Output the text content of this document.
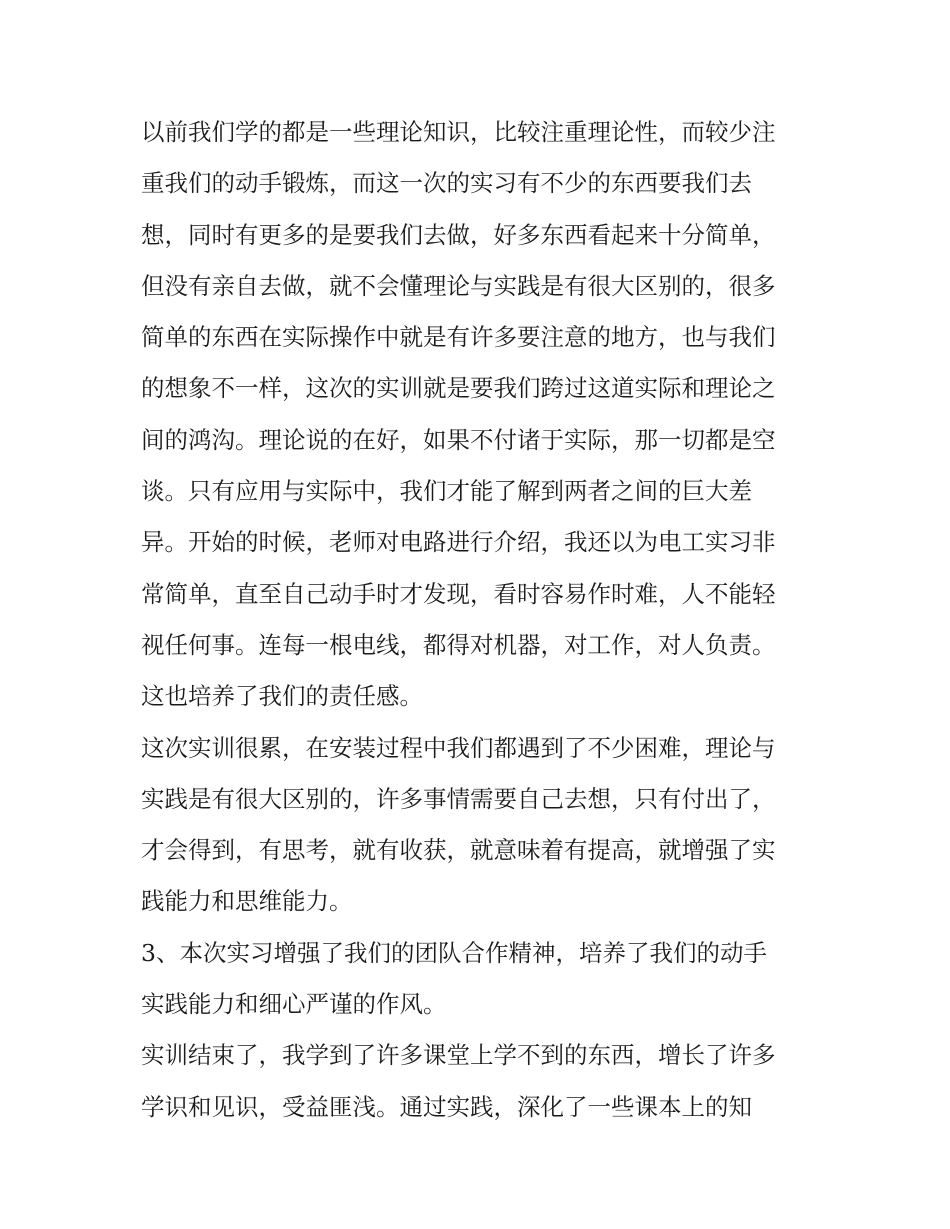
以前我们学的都是一些理论知识，比较注重理论性，而较少注
重我们的动手锻炼，而这一次的实习有不少的东西要我们去
想，同时有更多的是要我们去做，好多东西看起来十分简单，
但没有亲自去做，就不会懂理论与实践是有很大区别的，很多
简单的东西在实际操作中就是有许多要注意的地方，也与我们
的想象不一样，这次的实训就是要我们跨过这道实际和理论之
间的鸿沟。理论说的在好，如果不付诸于实际，那一切都是空
谈。只有应用与实际中，我们才能了解到两者之间的巨大差
异。开始的时候，老师对电路进行介绍，我还以为电工实习非
常简单，直至自己动手时才发现，看时容易作时难，人不能轻
视任何事。连每一根电线，都得对机器，对工作，对人负责。
这也培养了我们的责任感。
这次实训很累，在安装过程中我们都遇到了不少困难，理论与
实践是有很大区别的，许多事情需要自己去想，只有付出了，
才会得到，有思考，就有收获，就意味着有提高，就增强了实
践能力和思维能力。
3、本次实习增强了我们的团队合作精神，培养了我们的动手
实践能力和细心严谨的作风。
实训结束了，我学到了许多课堂上学不到的东西，增长了许多
学识和见识，受益匪浅。通过实践，深化了一些课本上的知
